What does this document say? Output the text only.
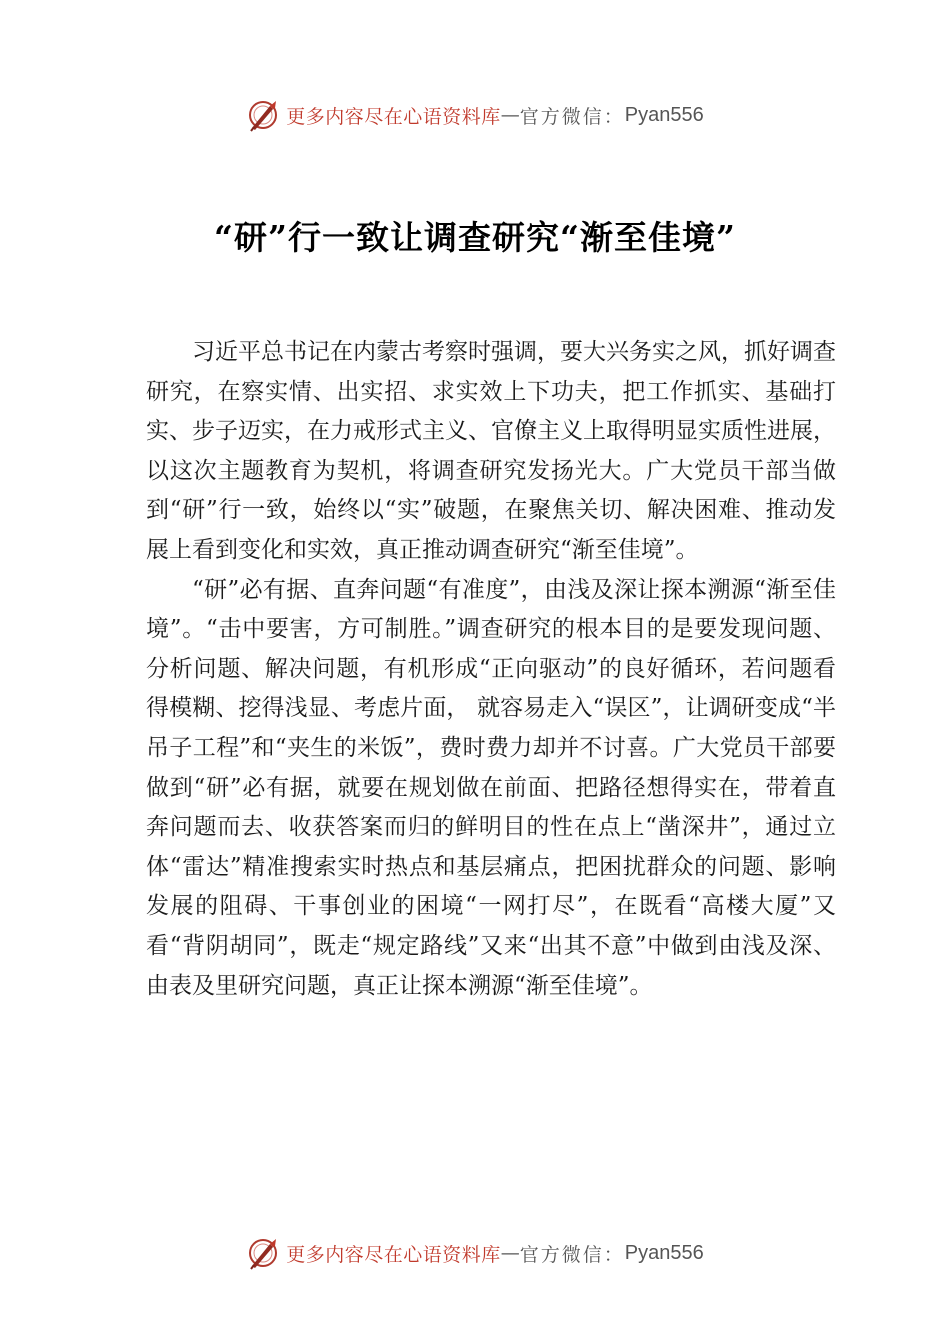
更多内容尽在心语资料库 — 官方微信： Pyan556
“研”行一致让调查研究“渐至佳境”

习近平总书记在内蒙古考察时强调，要大兴务实之风，抓好调查研究，在察实情、出实招、求实效上下功夫，把工作抓实、基础打实、步子迈实，在力戒形式主义、官僚主义上取得明显实质性进展，以这次主题教育为契机，将调查研究发扬光大。广大党员干部当做到“研”行一致，始终以“实”破题，在聚焦关切、解决困难、推动发展上看到变化和实效，真正推动调查研究“渐至佳境”。

“研”必有据、直奔问题“有准度”，由浅及深让探本溯源“渐至佳境”。“击中要害，方可制胜。”调查研究的根本目的是要发现问题、分析问题、解决问题，有机形成“正向驱动”的良好循环，若问题看得模糊、挖得浅显、考虑片面， 就容易走入“误区”，让调研变成“半吊子工程”和“夹生的米饭”，费时费力却并不讨喜。广大党员干部要做到“研”必有据，就要在规划做在前面、把路径想得实在，带着直奔问题而去、收获答案而归的鲜明目的性在点上“凿深井”，通过立体“雷达”精准搜索实时热点和基层痛点，把困扰群众的问题、影响发展的阻碍、干事创业的困境“一网打尽”，在既看“高楼大厦”又看“背阴胡同”，既走“规定路线”又来“出其不意”中做到由浅及深、由表及里研究问题，真正让探本溯源“渐至佳境”。

更多内容尽在心语资料库 — 官方微信： Pyan556
